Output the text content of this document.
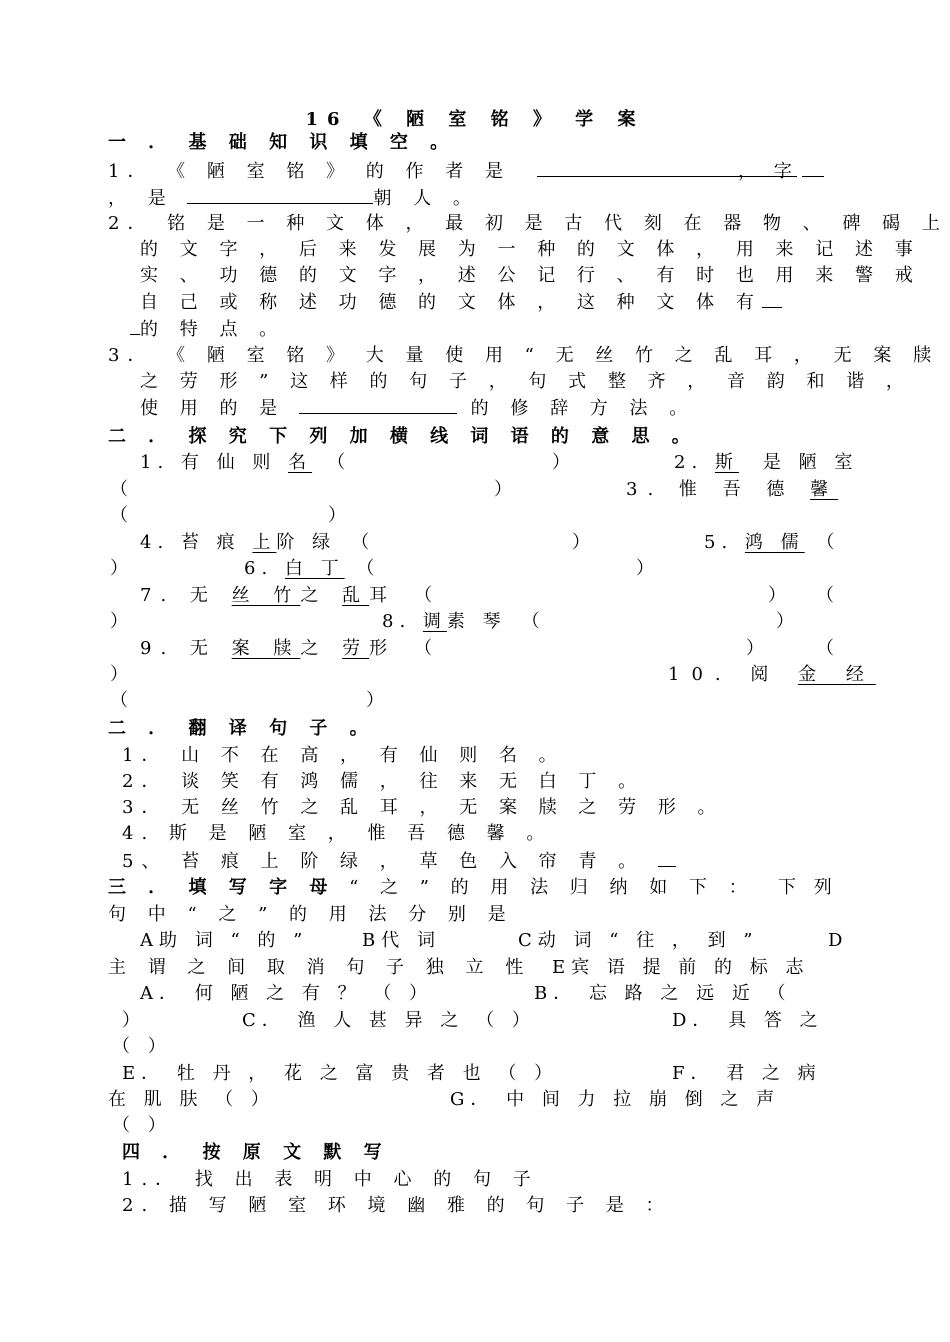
16 《 陋 室 铭 》 学 案
一 ． 基 础 知 识 填 空 。
1． 《 陋 室 铭 》 的 作 者 是	， 字
， 是	朝 人 。
2． 铭 是 一 种 文 体 ， 最 初 是 古 代 刻 在 器 物 、 碑 碣 上
的 文 字 ， 后 来 发 展 为 一 种 的 文 体 ， 用 来 记 述 事
实 、 功 德 的 文 字 ， 述 公 记 行 、 有 时 也 用 来 警 戒
自 己 或 称 述 功 德 的 文 体 ， 这 种 文 体 有
的 特 点 。
3． 《 陋 室 铭 》 大 量 使 用 “ 无 丝 竹 之 乱 耳 ， 无 案 牍
之 劳 形 ” 这 样 的 句 子 ， 句 式 整 齐 ， 音 韵 和 谐 ，
使 用 的 是	的 修 辞 方 法 。
二 ． 探 究 下 列 加 横 线 词 语 的 意 思 。
1. 有 仙 则 名　 （	）	2. 斯　 是 陋 室
（	）	3. 惟 吾 德 馨
（	）
4. 苔 痕 上阶 绿　 （	）	5. 鸿 儒 （
）	6. 白 丁 （	）
7. 无 丝 竹之 乱耳　 （	） （
）	8. 调素 琴　 （	）
9. 无 案 牍之 劳形　 （	）	（
）	10. 阅 金 经
（	）
二 ． 翻 译 句 子 。
1． 山 不 在 高 ， 有 仙 则 名 。
2． 谈 笑 有 鸿 儒 ， 往 来 无 白 丁 。
3． 无 丝 竹 之 乱 耳 ， 无 案 牍 之 劳 形 。
4. 斯 是 陋 室 ， 惟 吾 德 馨 。
5、 苔 痕 上 阶 绿 ， 草 色 入 帘 青 。
三 ． 填 写 字 母 “ 之 ” 的 用 法 归 纳 如 下 ： 下 列
句 中 “ 之 ” 的 用 法 分 别 是
A助 词 “ 的 ”	B代 词	C动 词 “ 往 ， 到 ”	D
主 谓 之 间 取 消 句 子 独 立 性 E宾 语 提 前 的 标 志
A． 何 陋 之 有 ？ （ ）	B． 忘 路 之 远 近 （
）	C． 渔 人 甚 异 之 （ ）	D． 具 答 之
（ ）
E． 牡 丹 ， 花 之 富 贵 者 也 （ ）	F． 君 之 病
在 肌 肤 （ ）	G． 中 间 力 拉 崩 倒 之 声
（ ）
四 ． 按 原 文 默 写
1.． 找 出 表 明 中 心 的 句 子
2. 描 写 陋 室 环 境 幽 雅 的 句 子 是 ：
